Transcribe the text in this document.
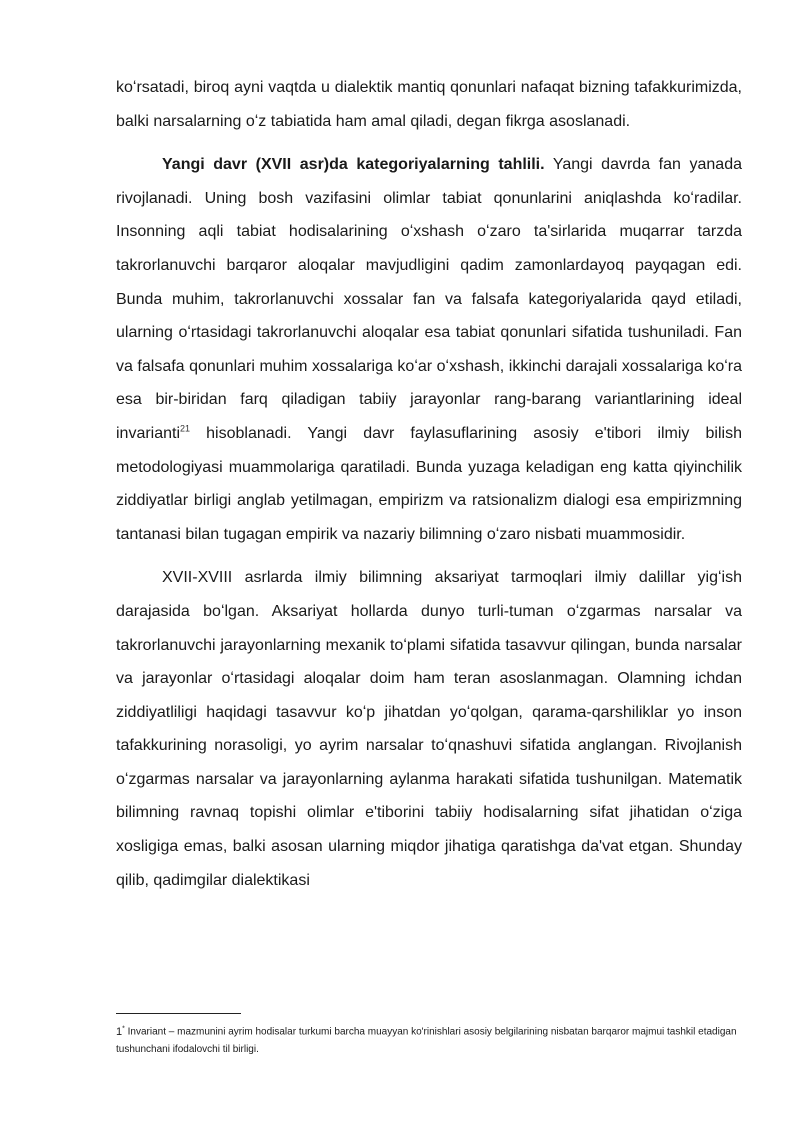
koʻrsatadi, biroq ayni vaqtda u dialektik mantiq qonunlari nafaqat bizning tafakkurimizda, balki narsalarning oʻz tabiatida ham amal qiladi, degan fikrga asoslanadi.

Yangi davr (XVII asr)da kategoriyalarning tahlili. Yangi davrda fan yanada rivojlanadi. Uning bosh vazifasini olimlar tabiat qonunlarini aniqlashda koʻradilar. Insonning aqli tabiat hodisalarining oʻxshash oʻzaro ta'sirlarida muqarrar tarzda takrorlanuvchi barqaror aloqalar mavjudligini qadim zamonlardayoq payqagan edi. Bunda muhim, takrorlanuvchi xossalar fan va falsafa kategoriyalarida qayd etiladi, ularning oʻrtasidagi takrorlanuvchi aloqalar esa tabiat qonunlari sifatida tushuniladi. Fan va falsafa qonunlari muhim xossalariga koʻar oʻxshash, ikkinchi darajali xossalariga koʻra esa bir-biridan farq qiladigan tabiiy jarayonlar rang-barang variantlarining ideal invarianti$^{21}$ hisoblanadi. Yangi davr faylasuflarining asosiy e'tibori ilmiy bilish metodologiyasi muammolariga qaratiladi. Bunda yuzaga keladigan eng katta qiyinchilik ziddiyatlar birligi anglab yetilmagan, empirizm va ratsionalizm dialogi esa empirizmning tantanasi bilan tugagan empirik va nazariy bilimning oʻzaro nisbati muammosidir.

XVII-XVIII asrlarda ilmiy bilimning aksariyat tarmoqlari ilmiy dalillar yigʻish darajasida boʻlgan. Aksariyat hollarda dunyo turli-tuman oʻzgarmas narsalar va takrorlanuvchi jarayonlarning mexanik toʻplami sifatida tasavvur qilingan, bunda narsalar va jarayonlar oʻrtasidagi aloqalar doim ham teran asoslanmagan. Olamning ichdan ziddiyatliligi haqidagi tasavvur koʻp jihatdan yoʻqolgan, qarama-qarshiliklar yo inson tafakkurining norasoligi, yo ayrim narsalar toʻqnashuvi sifatida anglangan. Rivojlanish oʻzgarmas narsalar va jarayonlarning aylanma harakati sifatida tushunilgan. Matematik bilimning ravnaq topishi olimlar e'tiborini tabiiy hodisalarning sifat jihatidan oʻziga xosligiga emas, balki asosan ularning miqdor jihatiga qaratishga da'vat etgan. Shunday qilib, qadimgilar dialektikasi

1* Invariant – mazmunini ayrim hodisalar turkumi barcha muayyan ko'rinishlari asosiy belgilarining nisbatan barqaror majmui tashkil etadigan tushunchani ifodalovchi til birligi.
